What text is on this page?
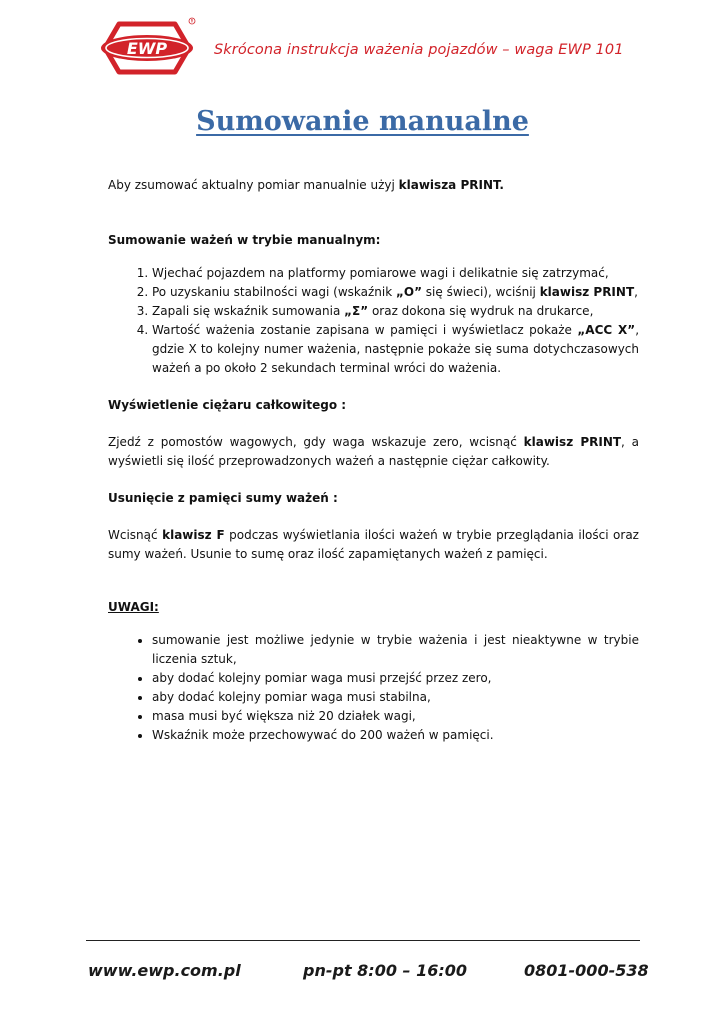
R
EWP	Skrócona instrukcja ważenia pojazdów – waga EWP 101
Sumowanie manualne

Aby zsumować aktualny pomiar manualnie użyj klawisza PRINT.

Sumowanie ważeń w trybie manualnym:

1. Wjechać pojazdem na platformy pomiarowe wagi i delikatnie się zatrzymać,
2. Po uzyskaniu stabilności wagi (wskaźnik „O” się świeci), wciśnij klawisz PRINT,
3. Zapali się wskaźnik sumowania „Σ” oraz dokona się wydruk na drukarce,
4. Wartość ważenia zostanie zapisana w pamięci i wyświetlacz pokaże „ACC X”, gdzie X to kolejny numer ważenia, następnie pokaże się suma dotychczasowych ważeń a po około 2 sekundach terminal wróci do ważenia.

Wyświetlenie ciężaru całkowitego :

Zjedź z pomostów wagowych, gdy waga wskazuje zero, wcisnąć klawisz PRINT, a wyświetli się ilość przeprowadzonych ważeń a następnie ciężar całkowity.

Usunięcie z pamięci sumy ważeń :

Wcisnąć klawisz F podczas wyświetlania ilości ważeń w trybie przeglądania ilości oraz sumy ważeń. Usunie to sumę oraz ilość zapamiętanych ważeń z pamięci.

UWAGI:

• sumowanie jest możliwe jedynie w trybie ważenia i jest nieaktywne w trybie liczenia sztuk,
• aby dodać kolejny pomiar waga musi przejść przez zero,
• aby dodać kolejny pomiar waga musi stabilna,
• masa musi być większa niż 20 działek wagi,
• Wskaźnik może przechowywać do 200 ważeń w pamięci.
www.ewp.com.pl	pn-pt 8:00 – 16:00	0801-000-538
